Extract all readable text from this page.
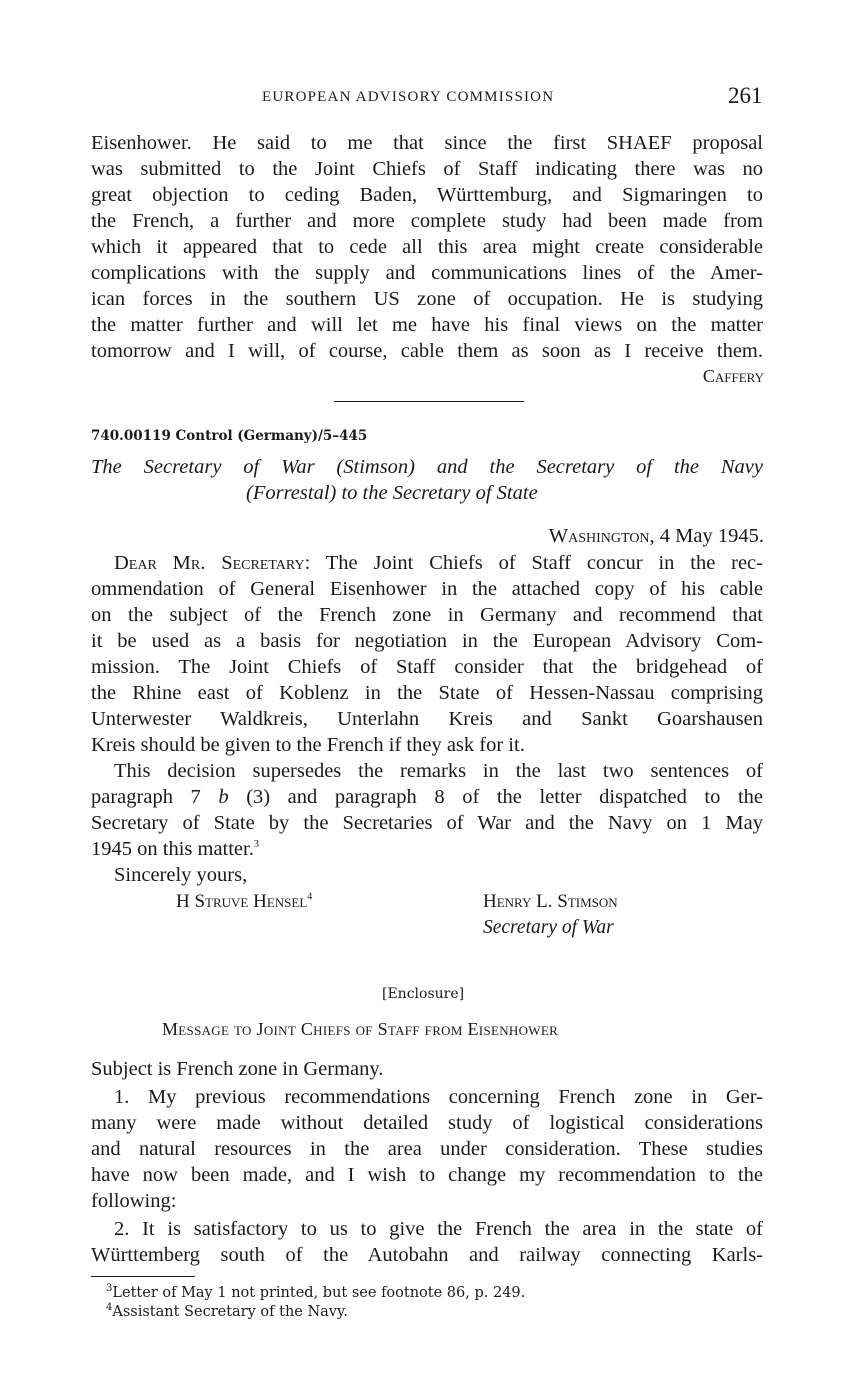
EUROPEAN ADVISORY COMMISSION	261
Eisenhower. He said to me that since the first SHAEF proposal
was submitted to the Joint Chiefs of Staff indicating there was no
great objection to ceding Baden, Württemburg, and Sigmaringen to
the French, a further and more complete study had been made from
which it appeared that to cede all this area might create considerable
complications with the supply and communications lines of the Amer-
ican forces in the southern US zone of occupation. He is studying
the matter further and will let me have his final views on the matter
tomorrow and I will, of course, cable them as soon as I receive them.
Caffery
740.00119 Control (Germany)/5–445
The Secretary of War (Stimson) and the Secretary of the Navy
(Forrestal) to the Secretary of State
Washington, 4 May 1945.
Dear Mr. Secretary: The Joint Chiefs of Staff concur in the rec-
ommendation of General Eisenhower in the attached copy of his cable
on the subject of the French zone in Germany and recommend that
it be used as a basis for negotiation in the European Advisory Com-
mission. The Joint Chiefs of Staff consider that the bridgehead of
the Rhine east of Koblenz in the State of Hessen-Nassau comprising
Unterwester Waldkreis, Unterlahn Kreis and Sankt Goarshausen
Kreis should be given to the French if they ask for it.
This decision supersedes the remarks in the last two sentences of
paragraph 7 b (3) and paragraph 8 of the letter dispatched to the
Secretary of State by the Secretaries of War and the Navy on 1 May
1945 on this matter.$^3$
Sincerely yours,
H Struve Hensel$^4$	Henry L. Stimson
Secretary of War
[Enclosure]
Message to Joint Chiefs of Staff from Eisenhower
Subject is French zone in Germany.
1. My previous recommendations concerning French zone in Ger-
many were made without detailed study of logistical considerations
and natural resources in the area under consideration. These studies
have now been made, and I wish to change my recommendation to the
following:
2. It is satisfactory to us to give the French the area in the state of
Württemberg south of the Autobahn and railway connecting Karls-
$^3$Letter of May 1 not printed, but see footnote 86, p. 249.
$^4$Assistant Secretary of the Navy.
